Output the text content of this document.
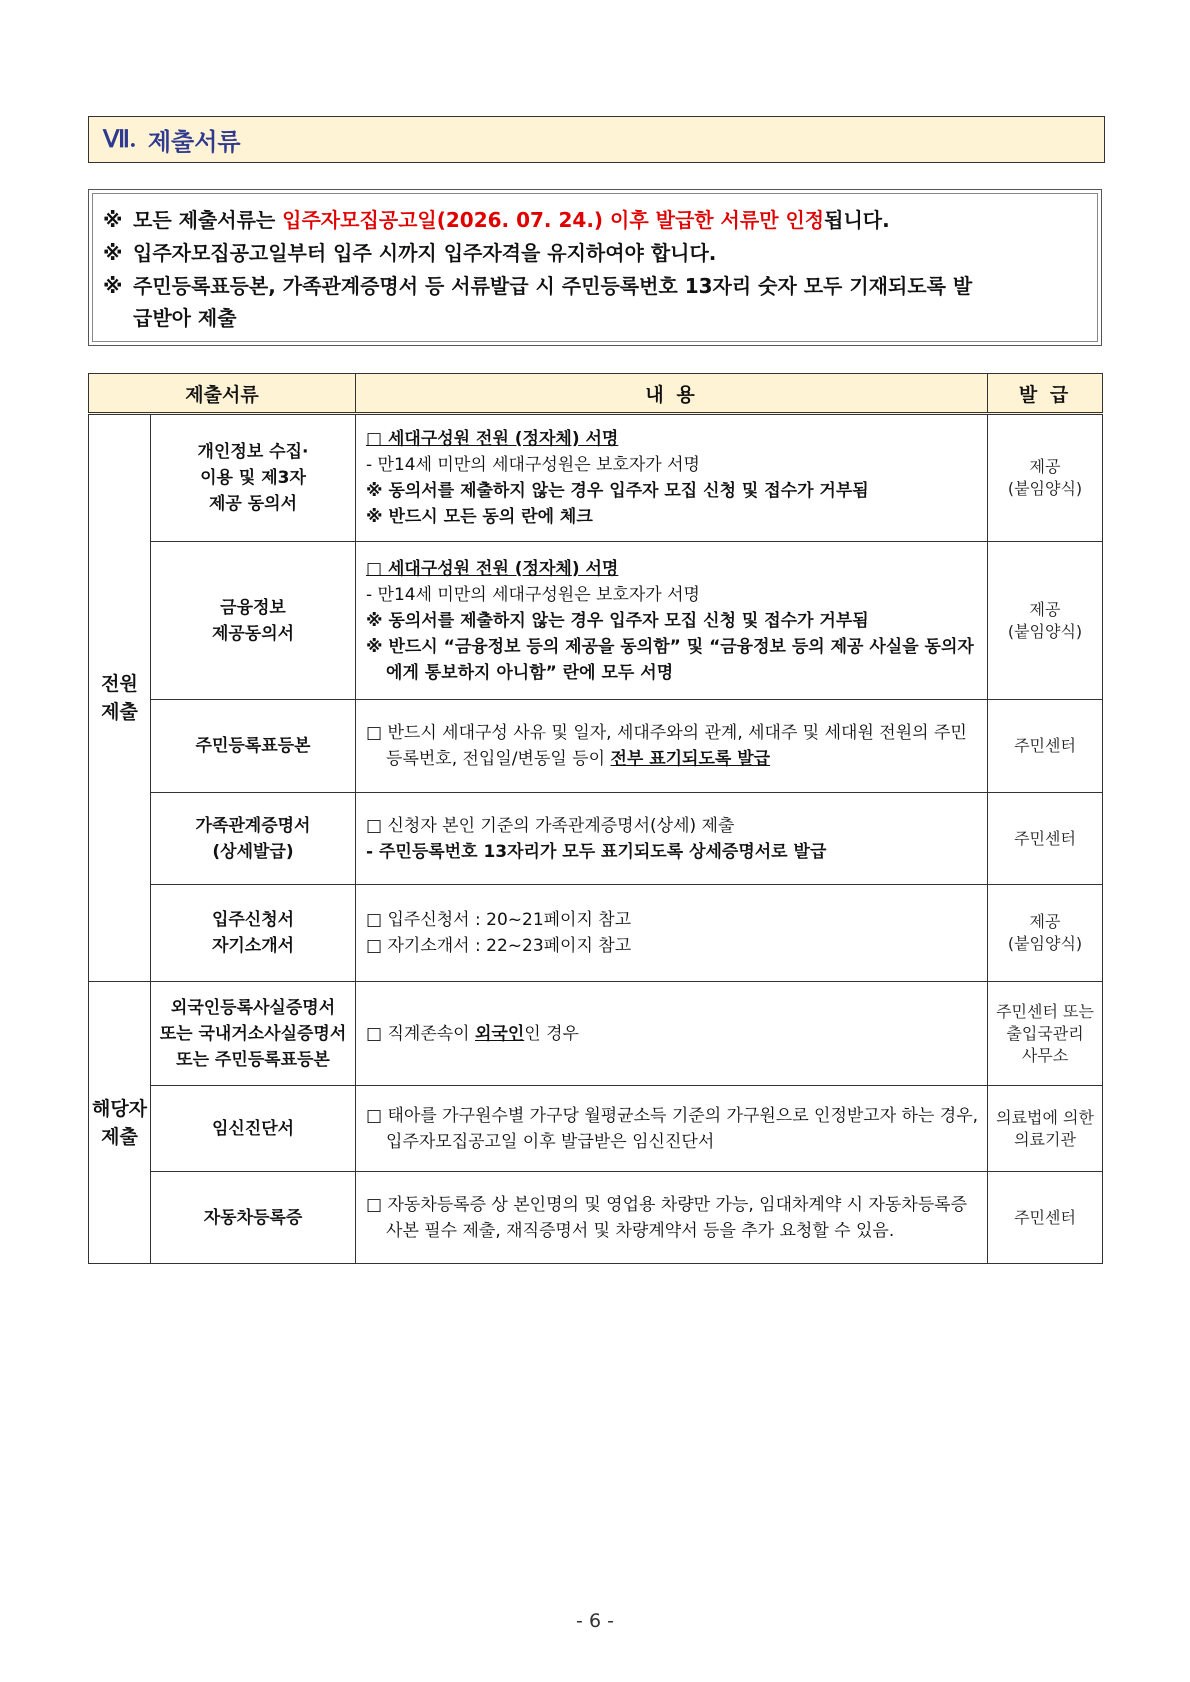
Ⅶ. 제출서류
※ 모든 제출서류는 입주자모집공고일(2026. 07. 24.) 이후 발급한 서류만 인정됩니다.
※ 입주자모집공고일부터 입주 시까지 입주자격을 유지하여야 합니다.
※ 주민등록표등본, 가족관계증명서 등 서류발급 시 주민등록번호 13자리 숫자 모두 기재되도록 발
급받아 제출
제출서류		내 용	발 급

전원
제출	개인정보 수집·
이용 및 제3자
제공 동의서	□ 세대구성원 전원 (정자체) 서명
- 만14세 미만의 세대구성원은 보호자가 서명
※ 동의서를 제출하지 않는 경우 입주자 모집 신청 및 접수가 거부됨
※ 반드시 모든 동의 란에 체크	제공
(붙임양식)

	금융정보
제공동의서	□ 세대구성원 전원 (정자체) 서명
- 만14세 미만의 세대구성원은 보호자가 서명
※ 동의서를 제출하지 않는 경우 입주자 모집 신청 및 접수가 거부됨
※ 반드시 “금융정보 등의 제공을 동의함” 및 “금융정보 등의 제공 사실을 동의자에게 통보하지 아니함” 란에 모두 서명	제공
(붙임양식)

	주민등록표등본	□ 반드시 세대구성 사유 및 일자, 세대주와의 관계, 세대주 및 세대원 전원의 주민등록번호, 전입일/변동일 등이 전부 표기되도록 발급	주민센터

	가족관계증명서
(상세발급)	□ 신청자 본인 기준의 가족관계증명서(상세) 제출
- 주민등록번호 13자리가 모두 표기되도록 상세증명서로 발급	주민센터

	입주신청서
자기소개서	□ 입주신청서 : 20~21페이지 참고
□ 자기소개서 : 22~23페이지 참고	제공
(붙임양식)

해당자
제출	외국인등록사실증명서
또는 국내거소사실증명서
또는 주민등록표등본	□ 직계존속이 외국인인 경우	주민센터 또는
출입국관리
사무소

	임신진단서	□ 태아를 가구원수별 가구당 월평균소득 기준의 가구원으로 인정받고자 하는 경우, 입주자모집공고일 이후 발급받은 임신진단서	의료법에 의한
의료기관

	자동차등록증	□ 자동차등록증 상 본인명의 및 영업용 차량만 가능, 임대차계약 시 자동차등록증 사본 필수 제출, 재직증명서 및 차량계약서 등을 추가 요청할 수 있음.	주민센터
- 6 -
